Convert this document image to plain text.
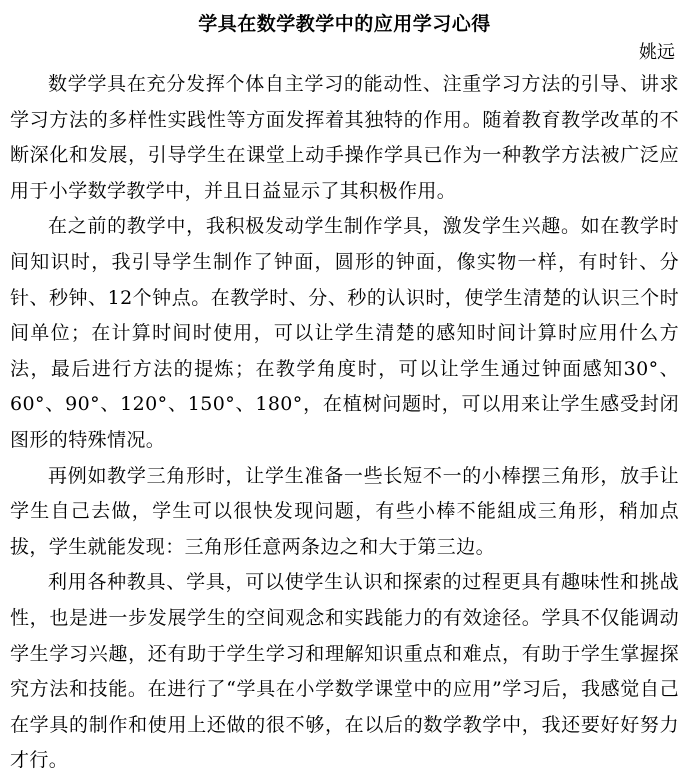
学具在数学教学中的应用学习心得
姚远

数学学具在充分发挥个体自主学习的能动性、注重学习方法的引导、讲求学习方法的多样性实践性等方面发挥着其独特的作用。随着教育教学改革的不断深化和发展，引导学生在课堂上动手操作学具已作为一种教学方法被广泛应用于小学数学教学中，并且日益显示了其积极作用。

在之前的教学中，我积极发动学生制作学具，激发学生兴趣。如在教学时间知识时，我引导学生制作了钟面，圆形的钟面，像实物一样，有时针、分针、秒钟、12个钟点。在教学时、分、秒的认识时，使学生清楚的认识三个时间单位；在计算时间时使用，可以让学生清楚的感知时间计算时应用什么方法，最后进行方法的提炼；在教学角度时，可以让学生通过钟面感知30°、60°、90°、120°、150°、180°，在植树问题时，可以用来让学生感受封闭图形的特殊情况。

再例如教学三角形时，让学生准备一些长短不一的小棒摆三角形，放手让学生自己去做，学生可以很快发现问题，有些小棒不能組成三角形，稍加点拔，学生就能发现：三角形任意两条边之和大于第三边。

利用各种教具、学具，可以使学生认识和探索的过程更具有趣味性和挑战性，也是进一步发展学生的空间观念和实践能力的有效途径。学具不仅能调动学生学习兴趣，还有助于学生学习和理解知识重点和难点，有助于学生掌握探究方法和技能。在进行了“学具在小学数学课堂中的应用”学习后，我感觉自己在学具的制作和使用上还做的很不够，在以后的数学教学中，我还要好好努力才行。
